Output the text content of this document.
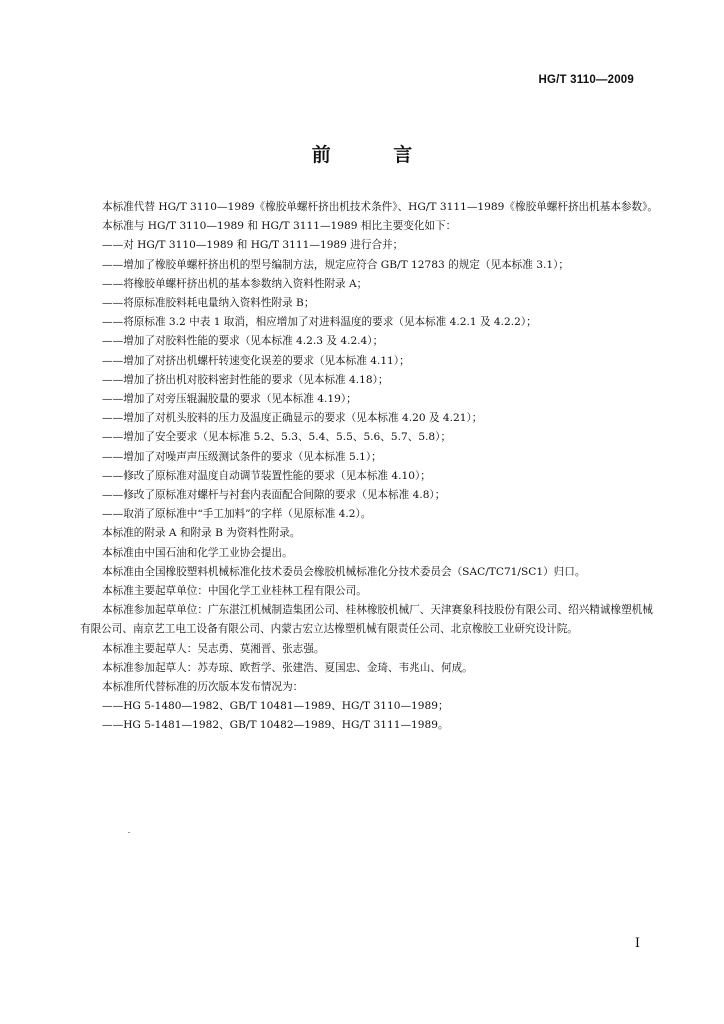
HG/T 3110—2009
前 言

本标准代替 HG/T 3110—1989《橡胶单螺杆挤出机技术条件》、HG/T 3111—1989《橡胶单螺杆挤出机基本参数》。

本标准与 HG/T 3110—1989 和 HG/T 3111—1989 相比主要变化如下：

——对 HG/T 3110—1989 和 HG/T 3111—1989 进行合并；

——增加了橡胶单螺杆挤出机的型号编制方法，规定应符合 GB/T 12783 的规定（见本标准 3.1）；

——将橡胶单螺杆挤出机的基本参数纳入资料性附录 A；

——将原标准胶料耗电量纳入资料性附录 B；

——将原标准 3.2 中表 1 取消，相应增加了对进料温度的要求（见本标准 4.2.1 及 4.2.2）；

——增加了对胶料性能的要求（见本标准 4.2.3 及 4.2.4）；

——增加了对挤出机螺杆转速变化误差的要求（见本标准 4.11）；

——增加了挤出机对胶料密封性能的要求（见本标准 4.18）；

——增加了对旁压辊漏胶量的要求（见本标准 4.19）；

——增加了对机头胶料的压力及温度正确显示的要求（见本标准 4.20 及 4.21）；

——增加了安全要求（见本标准 5.2、5.3、5.4、5.5、5.6、5.7、5.8）；

——增加了对噪声声压级测试条件的要求（见本标准 5.1）；

——修改了原标准对温度自动调节装置性能的要求（见本标准 4.10）；

——修改了原标准对螺杆与衬套内表面配合间隙的要求（见本标准 4.8）；

——取消了原标准中“手工加料”的字样（见原标准 4.2）。

本标准的附录 A 和附录 B 为资料性附录。

本标准由中国石油和化学工业协会提出。

本标准由全国橡胶塑料机械标准化技术委员会橡胶机械标准化分技术委员会（SAC/TC71/SC1）归口。

本标准主要起草单位：中国化学工业桂林工程有限公司。

本标准参加起草单位：广东湛江机械制造集团公司、桂林橡胶机械厂、天津赛象科技股份有限公司、绍兴精诚橡塑机械有限公司、南京艺工电工设备有限公司、内蒙古宏立达橡塑机械有限责任公司、北京橡胶工业研究设计院。

本标准主要起草人：吴志勇、莫湘晋、张志强。

本标准参加起草人：苏寿琼、欧哲学、张建浩、夏国忠、金琦、韦兆山、何成。

本标准所代替标准的历次版本发布情况为：

——HG 5-1480—1982、GB/T 10481—1989、HG/T 3110—1989；

——HG 5-1481—1982、GB/T 10482—1989、HG/T 3111—1989。

I
